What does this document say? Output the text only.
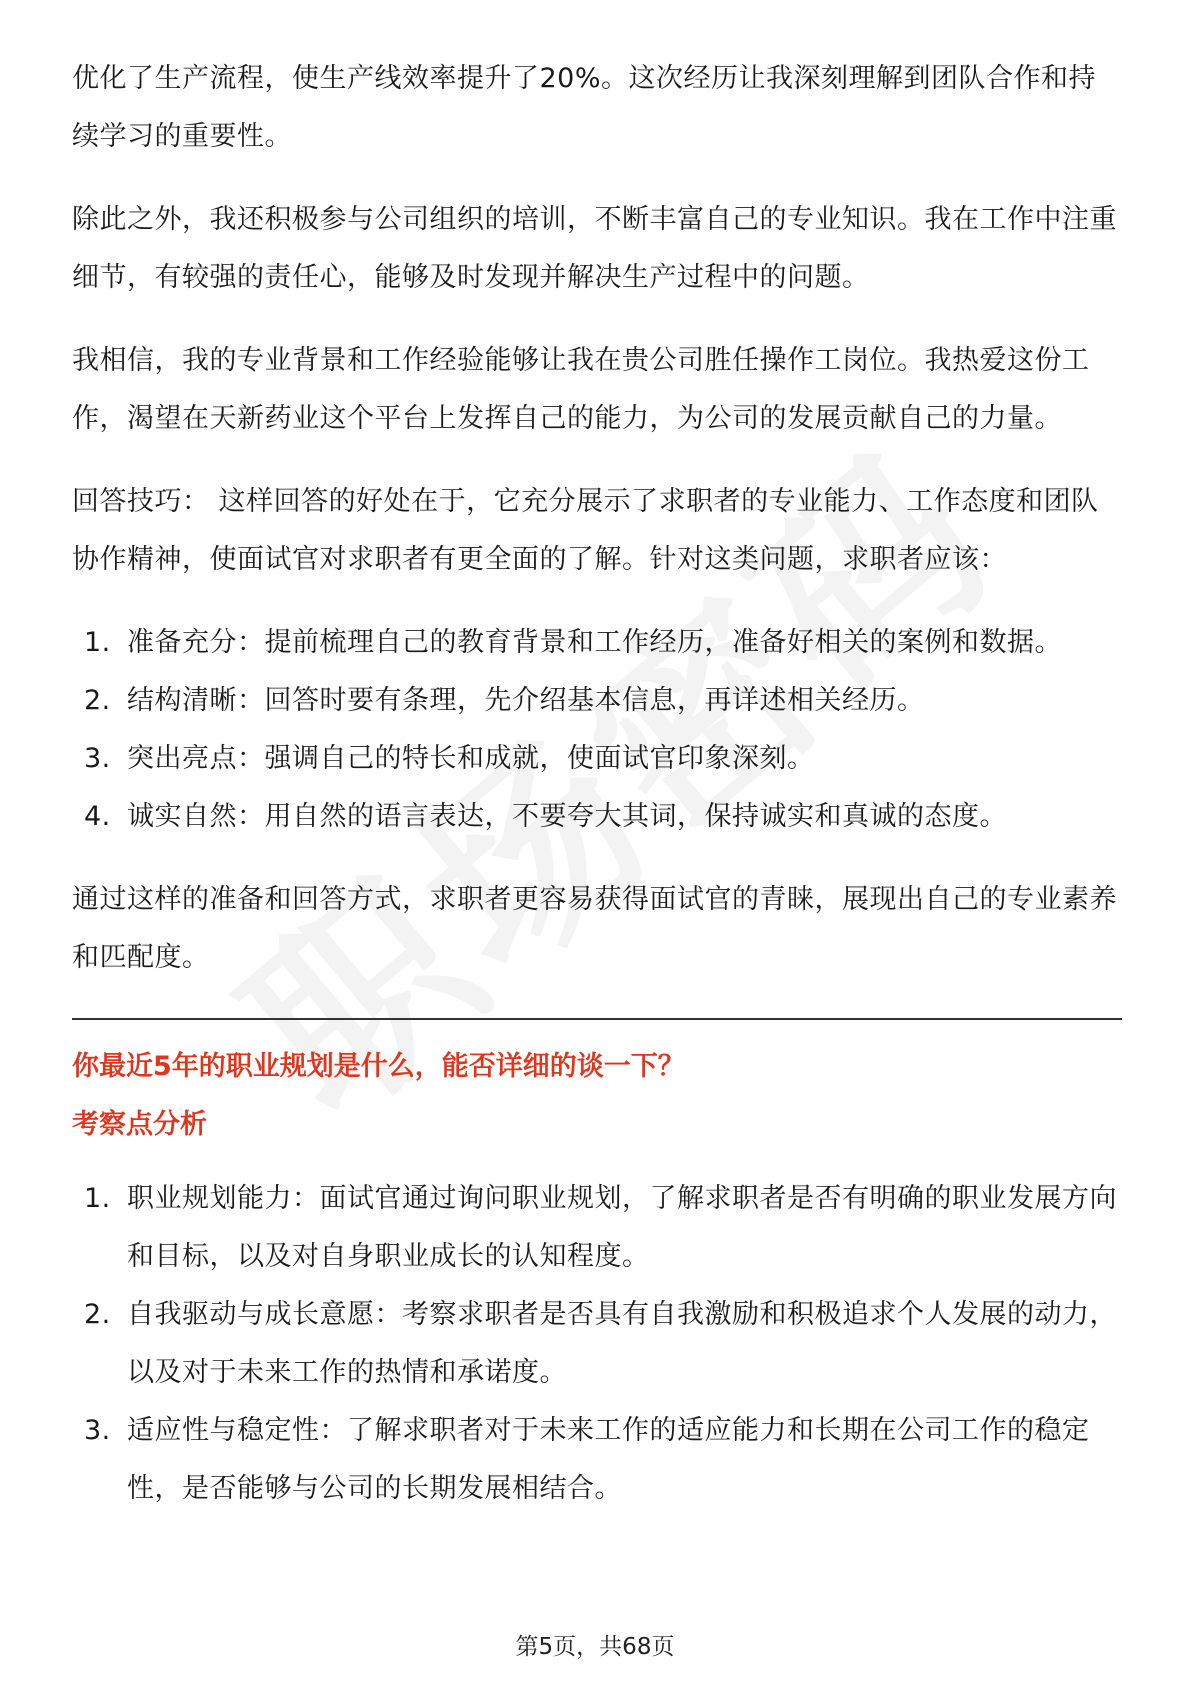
优化了生产流程，使生产线效率提升了20%。这次经历让我深刻理解到团队合作和持续学习的重要性。

除此之外，我还积极参与公司组织的培训，不断丰富自己的专业知识。我在工作中注重细节，有较强的责任心，能够及时发现并解决生产过程中的问题。

我相信，我的专业背景和工作经验能够让我在贵公司胜任操作工岗位。我热爱这份工作，渴望在天新药业这个平台上发挥自己的能力，为公司的发展贡献自己的力量。

回答技巧： 这样回答的好处在于，它充分展示了求职者的专业能力、工作态度和团队协作精神，使面试官对求职者有更全面的了解。针对这类问题，求职者应该：

1. 准备充分：提前梳理自己的教育背景和工作经历，准备好相关的案例和数据。
2. 结构清晰：回答时要有条理，先介绍基本信息，再详述相关经历。
3. 突出亮点：强调自己的特长和成就，使面试官印象深刻。
4. 诚实自然：用自然的语言表达，不要夸大其词，保持诚实和真诚的态度。

通过这样的准备和回答方式，求职者更容易获得面试官的青睐，展现出自己的专业素养和匹配度。

你最近5年的职业规划是什么，能否详细的谈一下？

考察点分析

1. 职业规划能力：面试官通过询问职业规划，了解求职者是否有明确的职业发展方向和目标，以及对自身职业成长的认知程度。
2. 自我驱动与成长意愿：考察求职者是否具有自我激励和积极追求个人发展的动力，以及对于未来工作的热情和承诺度。
3. 适应性与稳定性：了解求职者对于未来工作的适应能力和长期在公司工作的稳定性，是否能够与公司的长期发展相结合。
第5页，共68页
